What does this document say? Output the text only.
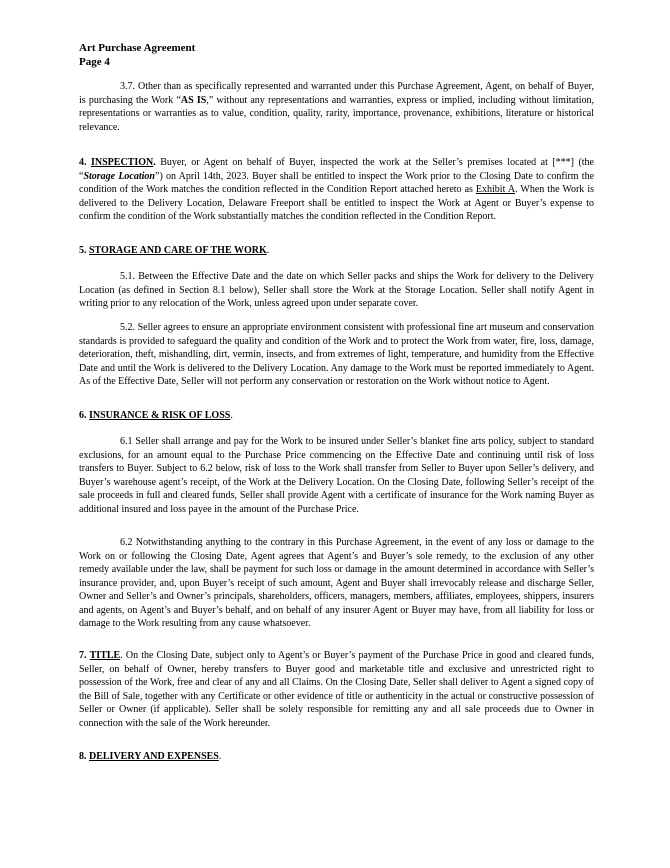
Art Purchase Agreement
Page 4
3.7. Other than as specifically represented and warranted under this Purchase Agreement, Agent, on behalf of Buyer, is purchasing the Work “AS IS,” without any representations and warranties, express or implied, including without limitation, representations or warranties as to value, condition, quality, rarity, importance, provenance, exhibitions, literature or historical relevance.
4. INSPECTION. Buyer, or Agent on behalf of Buyer, inspected the work at the Seller’s premises located at [***] (the “Storage Location”) on April 14th, 2023. Buyer shall be entitled to inspect the Work prior to the Closing Date to confirm the condition of the Work matches the condition reflected in the Condition Report attached hereto as Exhibit A. When the Work is delivered to the Delivery Location, Delaware Freeport shall be entitled to inspect the Work at Agent or Buyer’s expense to confirm the condition of the Work substantially matches the condition reflected in the Condition Report.
5. STORAGE AND CARE OF THE WORK.
5.1. Between the Effective Date and the date on which Seller packs and ships the Work for delivery to the Delivery Location (as defined in Section 8.1 below), Seller shall store the Work at the Storage Location. Seller shall notify Agent in writing prior to any relocation of the Work, unless agreed upon under separate cover.
5.2. Seller agrees to ensure an appropriate environment consistent with professional fine art museum and conservation standards is provided to safeguard the quality and condition of the Work and to protect the Work from water, fire, loss, damage, deterioration, theft, mishandling, dirt, vermin, insects, and from extremes of light, temperature, and humidity from the Effective Date and until the Work is delivered to the Delivery Location. Any damage to the Work must be reported immediately to Agent. As of the Effective Date, Seller will not perform any conservation or restoration on the Work without notice to Agent.
6. INSURANCE & RISK OF LOSS.
6.1 Seller shall arrange and pay for the Work to be insured under Seller’s blanket fine arts policy, subject to standard exclusions, for an amount equal to the Purchase Price commencing on the Effective Date and continuing until risk of loss transfers to Buyer. Subject to 6.2 below, risk of loss to the Work shall transfer from Seller to Buyer upon Seller’s delivery, and Buyer’s warehouse agent’s receipt, of the Work at the Delivery Location. On the Closing Date, following Seller’s receipt of the sale proceeds in full and cleared funds, Seller shall provide Agent with a certificate of insurance for the Work naming Buyer as additional insured and loss payee in the amount of the Purchase Price.
6.2 Notwithstanding anything to the contrary in this Purchase Agreement, in the event of any loss or damage to the Work on or following the Closing Date, Agent agrees that Agent’s and Buyer’s sole remedy, to the exclusion of any other remedy available under the law, shall be payment for such loss or damage in the amount determined in accordance with Seller’s insurance provider, and, upon Buyer’s receipt of such amount, Agent and Buyer shall irrevocably release and discharge Seller, Owner and Seller’s and Owner’s principals, shareholders, officers, managers, members, affiliates, employees, shippers, insurers and agents, on Agent’s and Buyer’s behalf, and on behalf of any insurer Agent or Buyer may have, from all liability for loss or damage to the Work resulting from any cause whatsoever.
7. TITLE. On the Closing Date, subject only to Agent’s or Buyer’s payment of the Purchase Price in good and cleared funds, Seller, on behalf of Owner, hereby transfers to Buyer good and marketable title and exclusive and unrestricted right to possession of the Work, free and clear of any and all Claims. On the Closing Date, Seller shall deliver to Agent a signed copy of the Bill of Sale, together with any Certificate or other evidence of title or authenticity in the actual or constructive possession of Seller or Owner (if applicable). Seller shall be solely responsible for remitting any and all sale proceeds due to Owner in connection with the sale of the Work hereunder.
8. DELIVERY AND EXPENSES.
